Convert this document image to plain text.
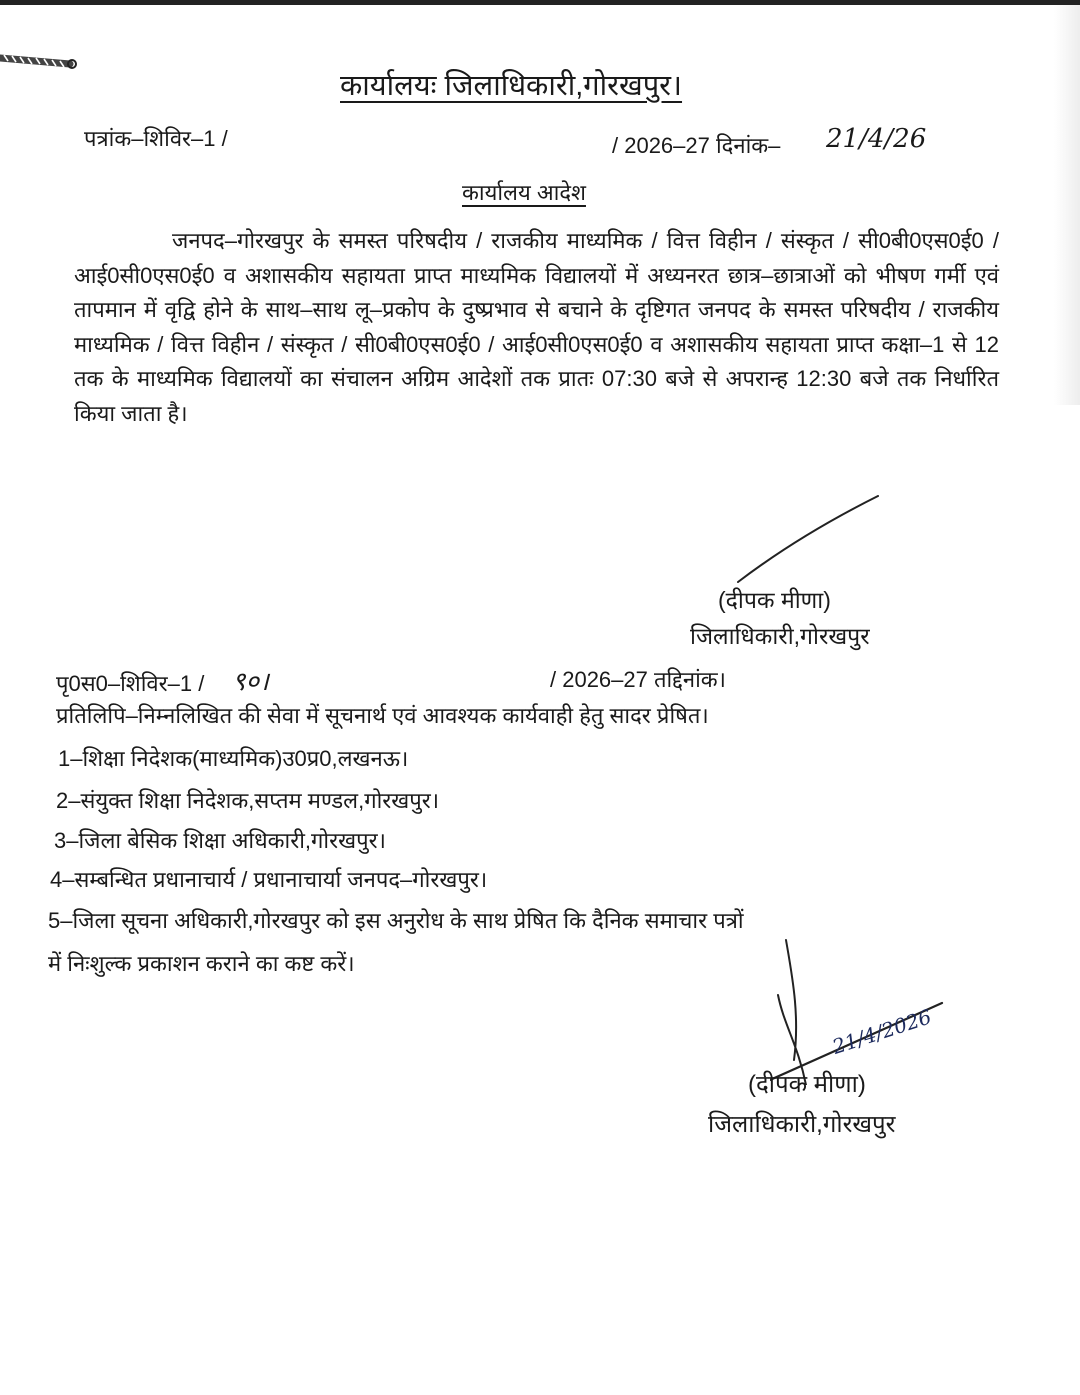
कार्यालयः जिलाधिकारी,गोरखपुर।
पत्रांक–शिविर–1 /	/ 2026–27 दिनांक– 21/4/26
कार्यालय आदेश
जनपद–गोरखपुर के समस्त परिषदीय / राजकीय माध्यमिक / वित्त विहीन / संस्कृत / सी0बी0एस0ई0 / आई0सी0एस0ई0 व अशासकीय सहायता प्राप्त माध्यमिक विद्यालयों में अध्यनरत छात्र–छात्राओं को भीषण गर्मी एवं तापमान में वृद्वि होने के साथ–साथ लू–प्रकोप के दुष्प्रभाव से बचाने के दृष्टिगत जनपद के समस्त परिषदीय / राजकीय माध्यमिक / वित्त विहीन / संस्कृत / सी0बी0एस0ई0 / आई0सी0एस0ई0 व अशासकीय सहायता प्राप्त कक्षा–1 से 12 तक के माध्यमिक विद्यालयों का संचालन अग्रिम आदेशों तक प्रातः 07:30 बजे से अपरान्ह 12:30 बजे तक निर्धारित किया जाता है।
(दीपक मीणा)
जिलाधिकारी,गोरखपुर
पृ0स0–शिविर–1 / ९०।	/ 2026–27 तद्दिनांक।
प्रतिलिपि–निम्नलिखित की सेवा में सूचनार्थ एवं आवश्यक कार्यवाही हेतु सादर प्रेषित।
1–शिक्षा निदेशक(माध्यमिक)उ0प्र0,लखनऊ।
2–संयुक्त शिक्षा निदेशक,सप्तम मण्डल,गोरखपुर।
3–जिला बेसिक शिक्षा अधिकारी,गोरखपुर।
4–सम्बन्धित प्रधानाचार्य / प्रधानाचार्या जनपद–गोरखपुर।
5–जिला सूचना अधिकारी,गोरखपुर को इस अनुरोध के साथ प्रेषित कि दैनिक समाचार पत्रों
में निःशुल्क प्रकाशन कराने का कष्ट करें।
21/4/2026
(दीपक मीणा)
जिलाधिकारी,गोरखपुर
